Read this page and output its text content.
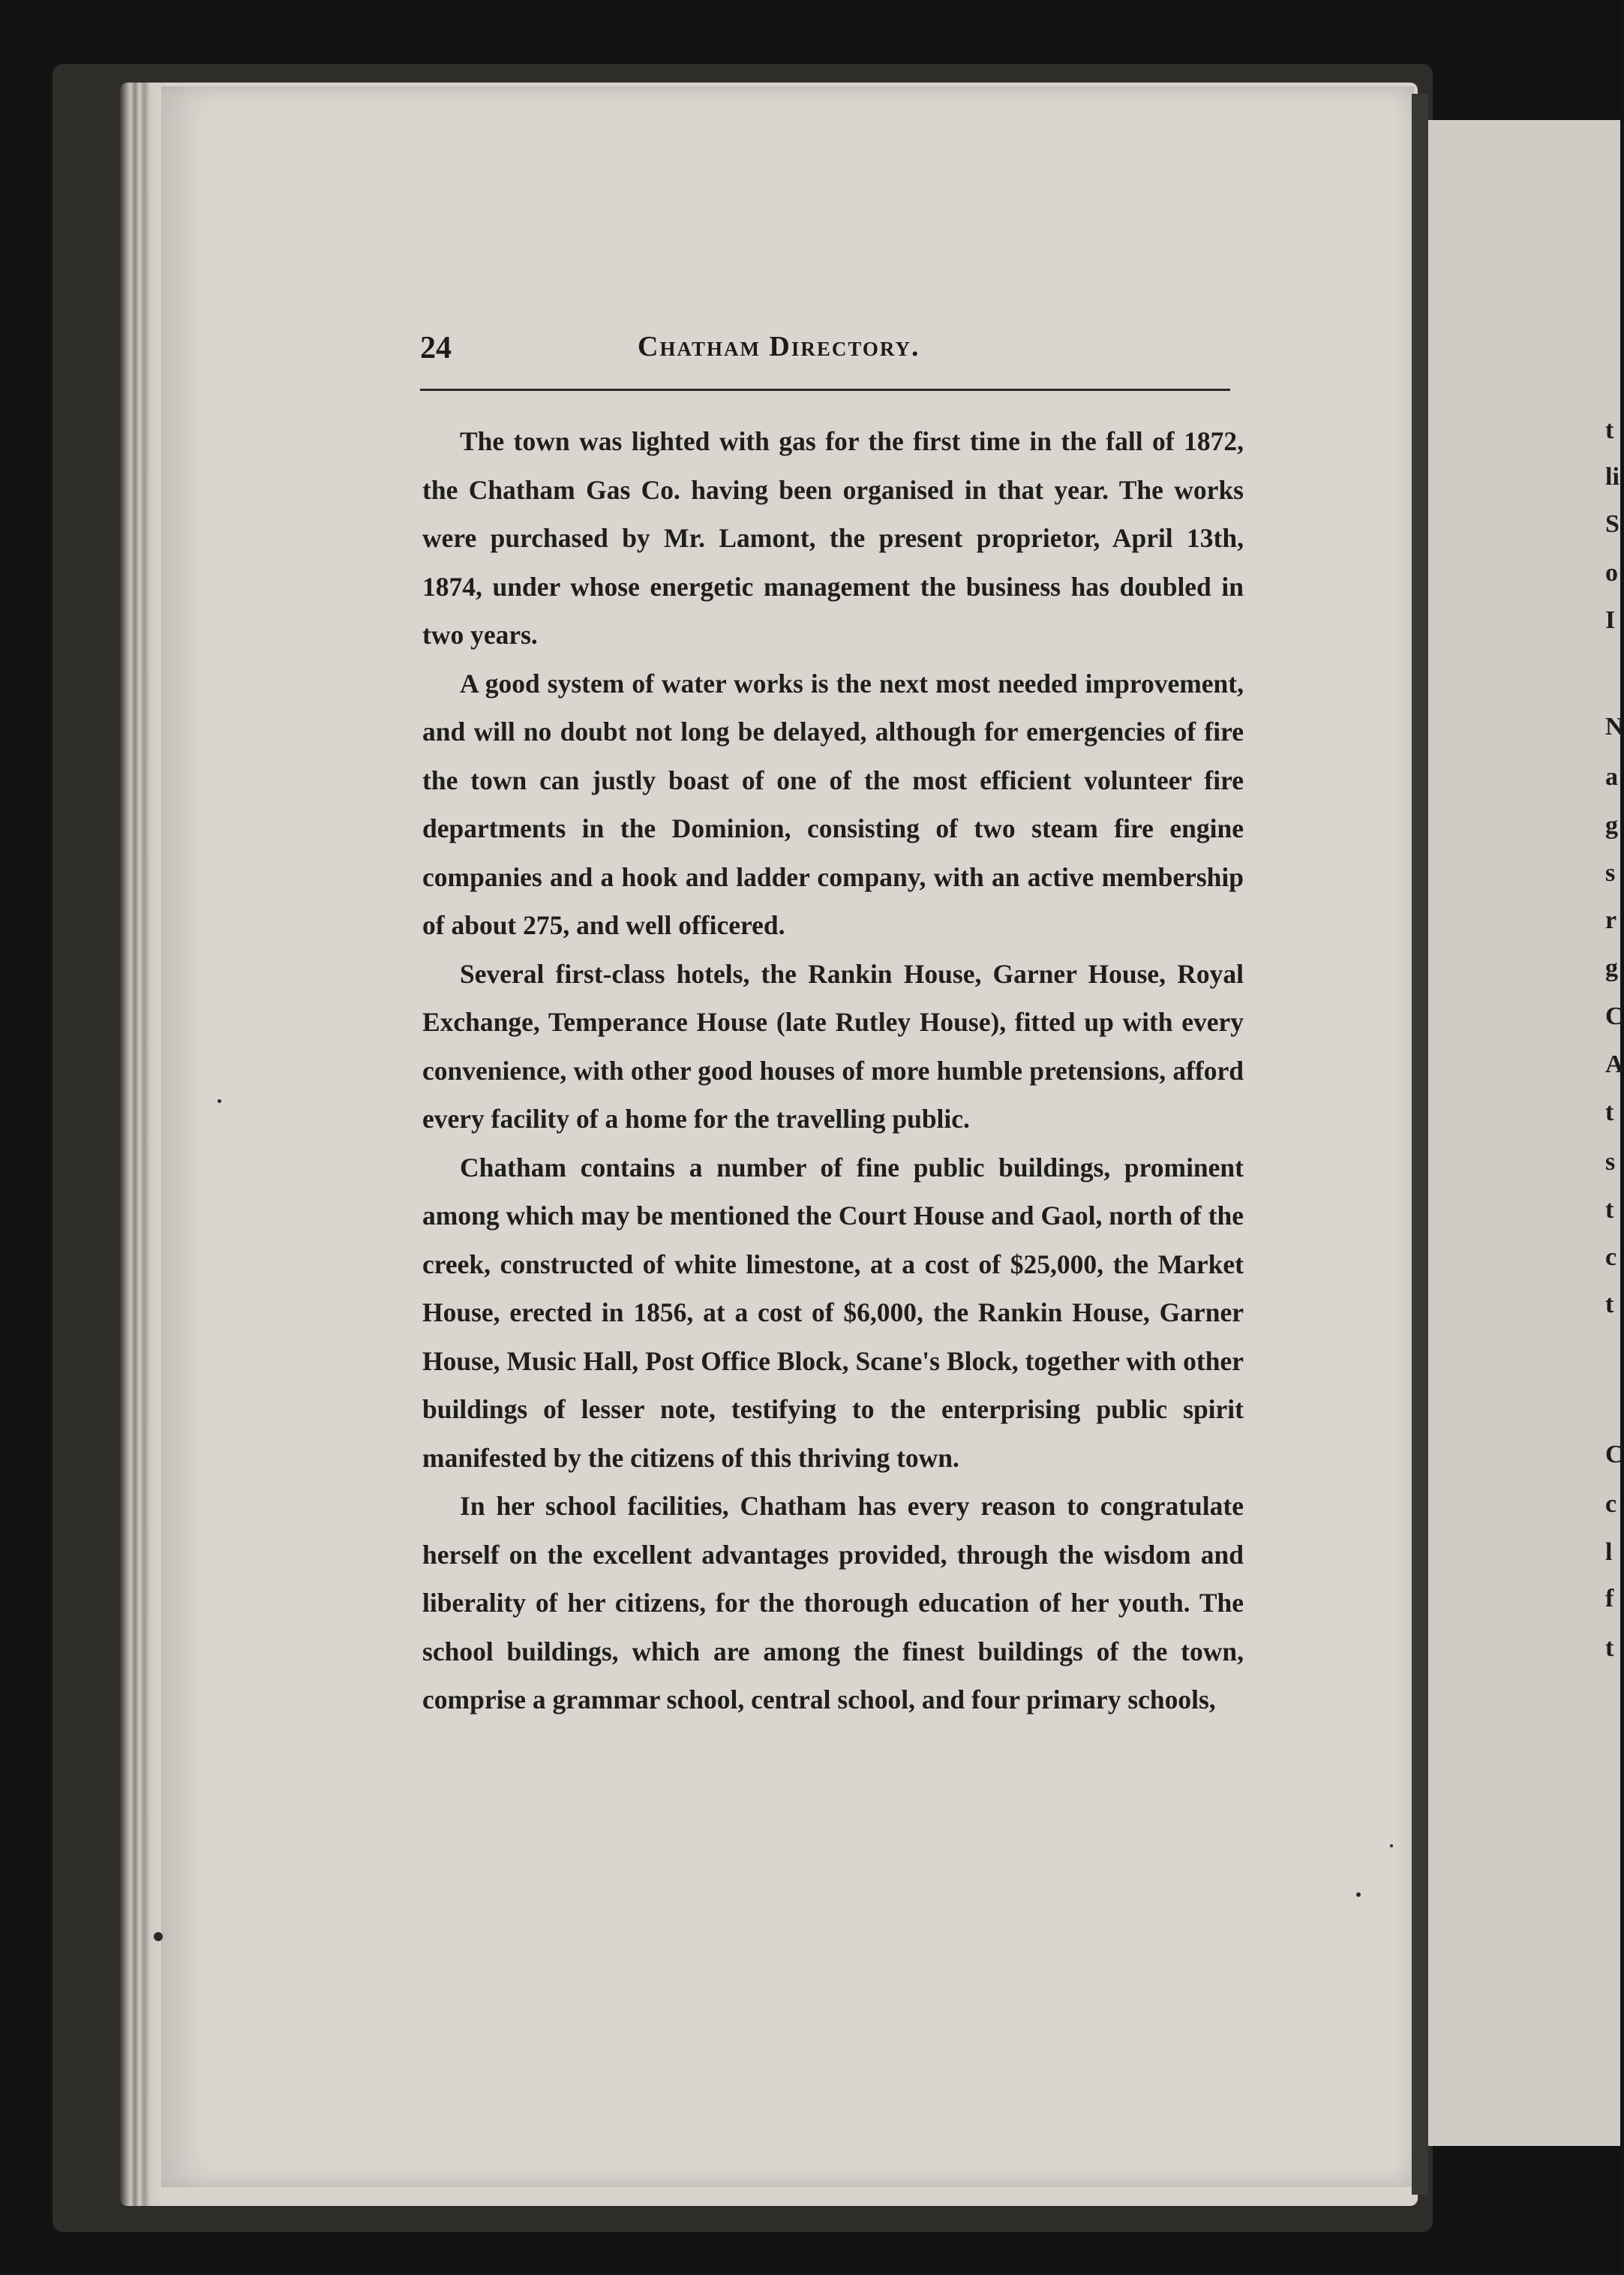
24	Chatham Directory.

The town was lighted with gas for the first time in the fall of 1872, the Chatham Gas Co. having been organised in that year. The works were purchased by Mr. Lamont, the present proprietor, April 13th, 1874, under whose energetic management the business has doubled in two years.

A good system of water works is the next most needed improvement, and will no doubt not long be delayed, although for emergencies of fire the town can justly boast of one of the most efficient volunteer fire departments in the Dominion, consisting of two steam fire engine companies and a hook and ladder company, with an active membership of about 275, and well officered.

Several first-class hotels, the Rankin House, Garner House, Royal Exchange, Temperance House (late Rutley House), fitted up with every convenience, with other good houses of more humble pretensions, afford every facility of a home for the travelling public.

Chatham contains a number of fine public buildings, prominent among which may be mentioned the Court House and Gaol, north of the creek, constructed of white limestone, at a cost of $25,000, the Market House, erected in 1856, at a cost of $6,000, the Rankin House, Garner House, Music Hall, Post Office Block, Scane's Block, together with other buildings of lesser note, testifying to the enterprising public spirit manifested by the citizens of this thriving town.

In her school facilities, Chatham has every reason to congratulate herself on the excellent advantages provided, through the wisdom and liberality of her citizens, for the thorough education of her youth. The school buildings, which are among the finest buildings of the town, comprise a grammar school, central school, and four primary schools,

t
li
S
o
I
N
a
g
s
r
g
C
A
t
s
t
c
t
C
c
l
f
t
